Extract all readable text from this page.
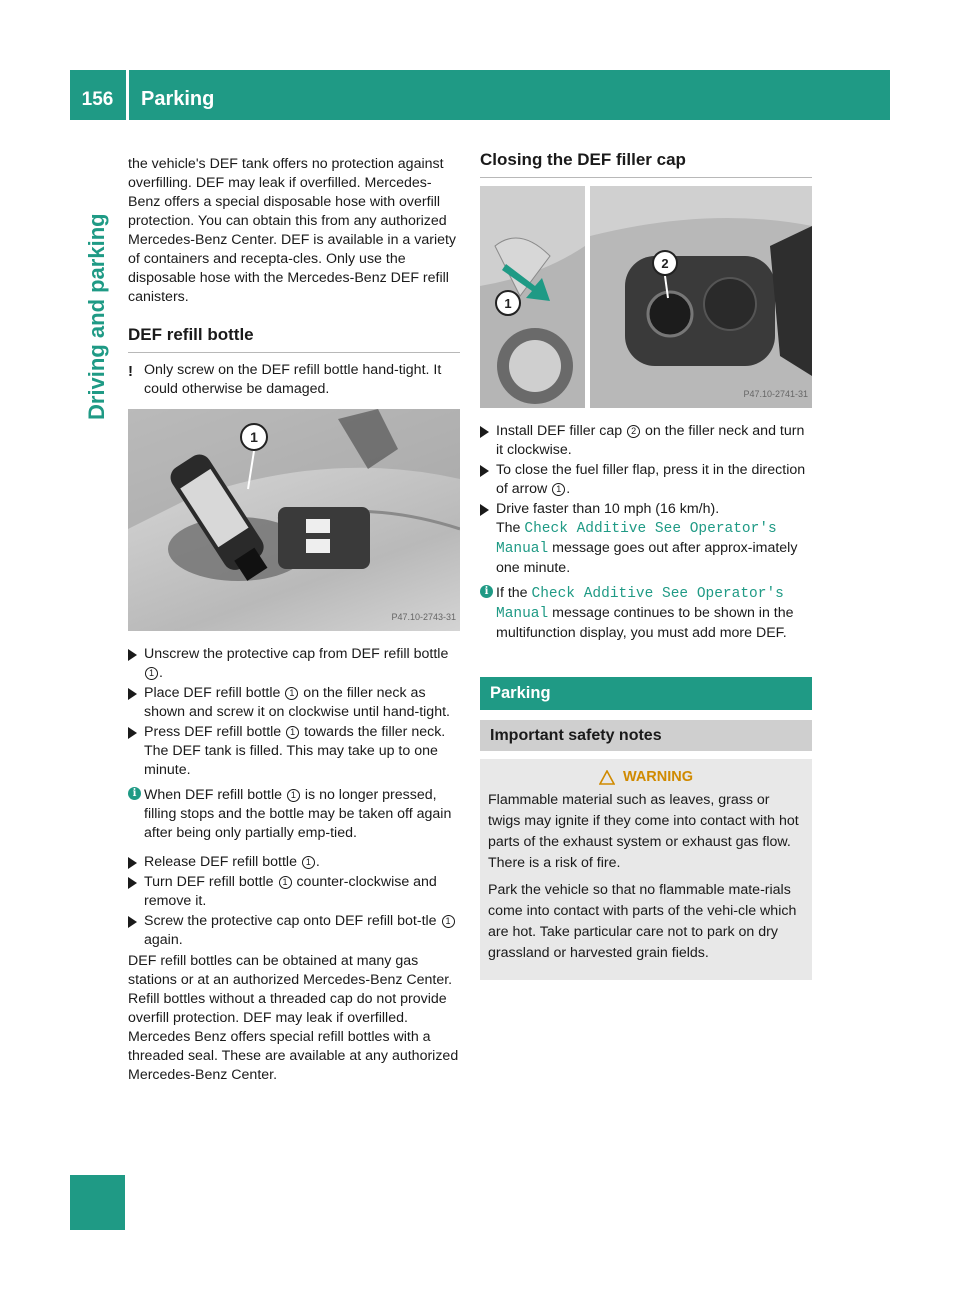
156	Parking
Driving and parking

the vehicle's DEF tank offers no protection against overfilling. DEF may leak if overfilled. Mercedes-Benz offers a special disposable hose with overfill protection. You can obtain this from any authorized Mercedes-Benz Center. DEF is available in a variety of containers and recepta-cles. Only use the disposable hose with the Mercedes-Benz DEF refill canisters.

DEF refill bottle
! Only screw on the DEF refill bottle hand-tight. It could otherwise be damaged.
1
P47.10-2743-31
Unscrew the protective cap from DEF refill bottle 1 .
Place DEF refill bottle 1 on the filler neck as shown and screw it on clockwise until hand-tight.
Press DEF refill bottle 1 towards the filler neck.
The DEF tank is filled. This may take up to one minute.
i When DEF refill bottle 1 is no longer pressed, filling stops and the bottle may be taken off again after being only partially emp-tied.
Release DEF refill bottle 1 .
Turn DEF refill bottle 1 counter-clockwise and remove it.
Screw the protective cap onto DEF refill bot-tle 1 again.

DEF refill bottles can be obtained at many gas stations or at an authorized Mercedes-Benz Center. Refill bottles without a threaded cap do not provide overfill protection. DEF may leak if overfilled. Mercedes Benz offers special refill bottles with a threaded seal. These are available at any authorized Mercedes-Benz Center.

Closing the DEF filler cap
1
2
P47.10-2741-31
Install DEF filler cap 2 on the filler neck and turn it clockwise.
To close the fuel filler flap, press it in the direction of arrow 1 .
Drive faster than 10 mph (16 km/h).
The Check Additive See Operator's
Manual message goes out after approx-imately one minute.
i If the Check Additive See Operator's
Manual message continues to be shown in the multifunction display, you must add more DEF.
Parking
Important safety notes
WARNING

Flammable material such as leaves, grass or twigs may ignite if they come into contact with hot parts of the exhaust system or exhaust gas flow. There is a risk of fire.

Park the vehicle so that no flammable mate-rials come into contact with parts of the vehi-cle which are hot. Take particular care not to park on dry grassland or harvested grain fields.
